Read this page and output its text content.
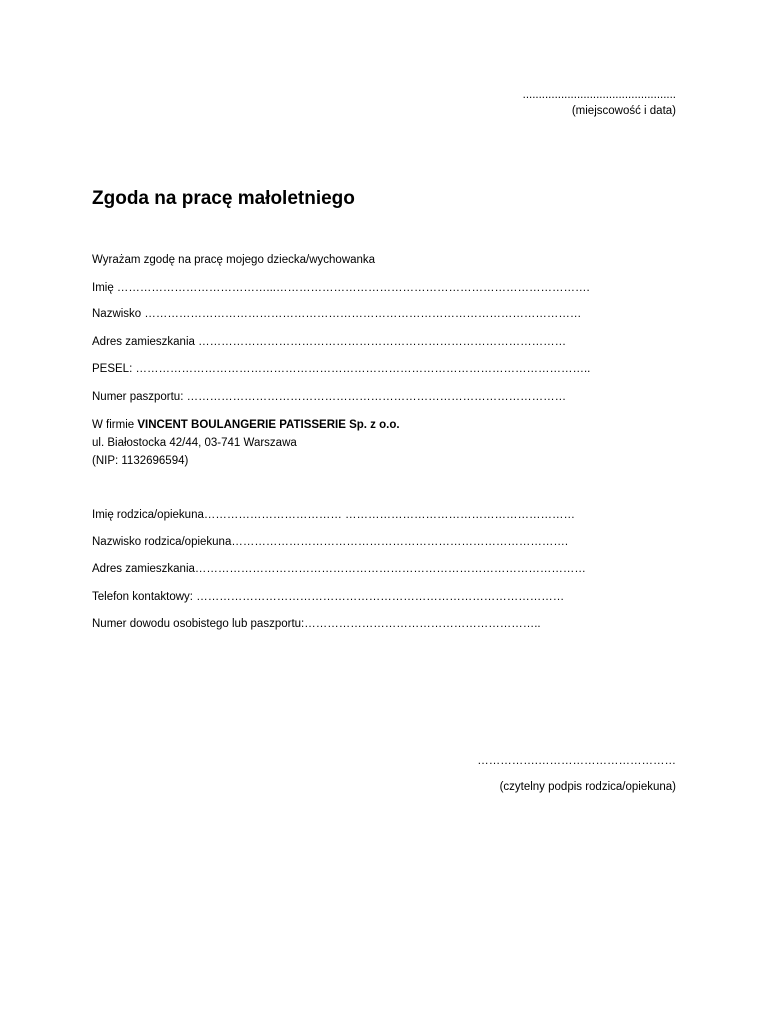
................................................
(miejscowość i data)
Zgoda na pracę małoletniego
Wyrażam zgodę na pracę mojego dziecka/wychowanka
Imię …………………………………...……………………………………………………………………….
Nazwisko ……………………………………………………………………………………………………
Adres zamieszkania ……………………………………………………………………………………
PESEL: ………………………………………………………………………………………………………..
Numer paszportu: ………………………………………………………………………………………
W firmie VINCENT BOULANGERIE PATISSERIE Sp. z o.o.
ul. Białostocka 42/44, 03-741 Warszawa
(NIP: 1132696594)
Imię rodzica/opiekuna……………………………… ……………………………………………………
Nazwisko rodzica/opiekuna…………………………………………………………………………….
Adres zamieszkania…………………………………………………………………………………………
Telefon kontaktowy: ……………………………………………………………………………………
Numer dowodu osobistego lub paszportu:……………………………………………………..
…………….………………………………
(czytelny podpis rodzica/opiekuna)
